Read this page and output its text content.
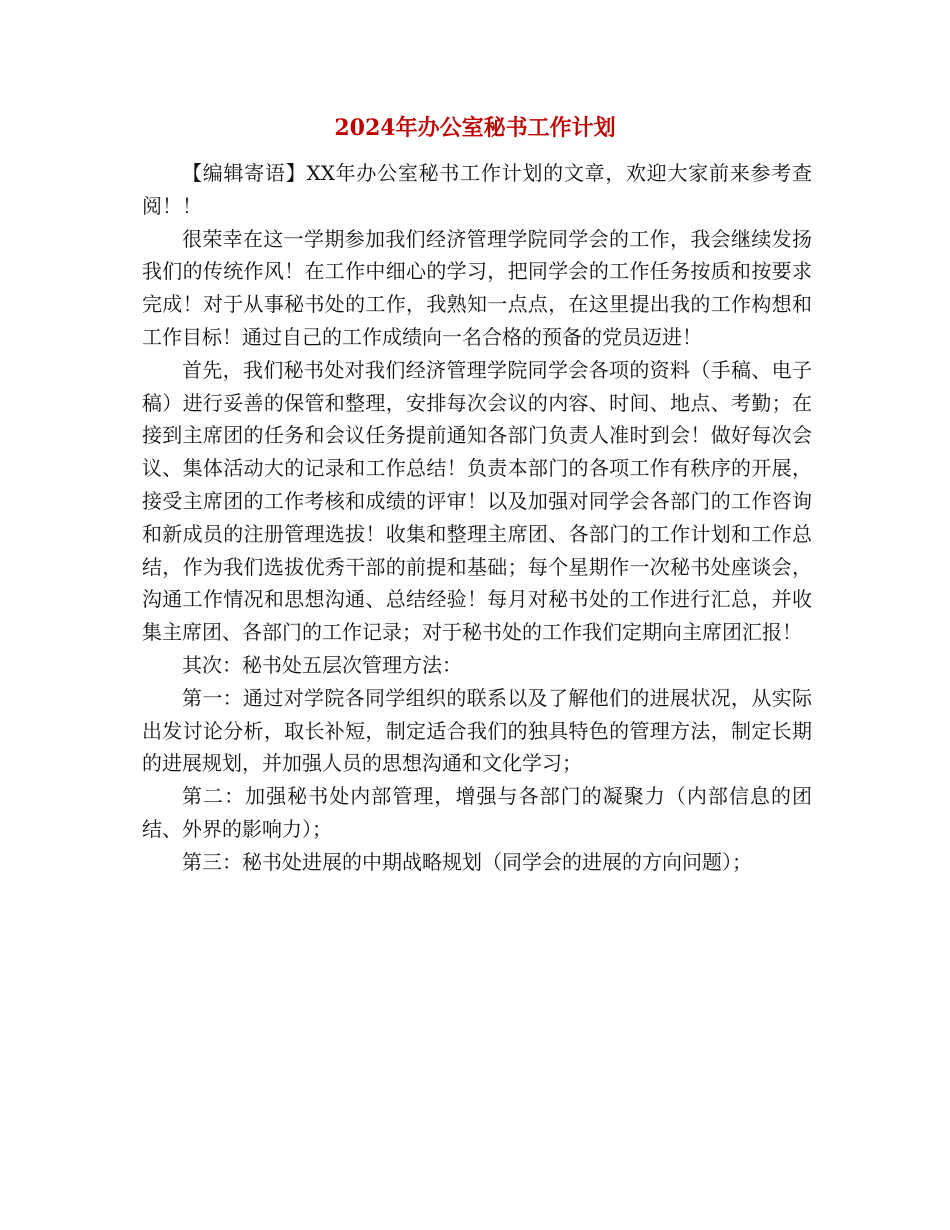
2024年办公室秘书工作计划

【编辑寄语】XX年办公室秘书工作计划的文章，欢迎大家前来参考查阅！！

很荣幸在这一学期参加我们经济管理学院同学会的工作，我会继续发扬我们的传统作风！在工作中细心的学习，把同学会的工作任务按质和按要求完成！对于从事秘书处的工作，我熟知一点点，在这里提出我的工作构想和工作目标！通过自己的工作成绩向一名合格的预备的党员迈进！

首先，我们秘书处对我们经济管理学院同学会各项的资料（手稿、电子稿）进行妥善的保管和整理，安排每次会议的内容、时间、地点、考勤；在接到主席团的任务和会议任务提前通知各部门负责人准时到会！做好每次会议、集体活动大的记录和工作总结！负责本部门的各项工作有秩序的开展，接受主席团的工作考核和成绩的评审！以及加强对同学会各部门的工作咨询和新成员的注册管理选拔！收集和整理主席团、各部门的工作计划和工作总结，作为我们选拔优秀干部的前提和基础；每个星期作一次秘书处座谈会，沟通工作情况和思想沟通、总结经验！每月对秘书处的工作进行汇总，并收集主席团、各部门的工作记录；对于秘书处的工作我们定期向主席团汇报！

其次：秘书处五层次管理方法：

第一：通过对学院各同学组织的联系以及了解他们的进展状况，从实际出发讨论分析，取长补短，制定适合我们的独具特色的管理方法，制定长期的进展规划，并加强人员的思想沟通和文化学习；

第二：加强秘书处内部管理，增强与各部门的凝聚力（内部信息的团结、外界的影响力）；

第三：秘书处进展的中期战略规划（同学会的进展的方向问题）；
